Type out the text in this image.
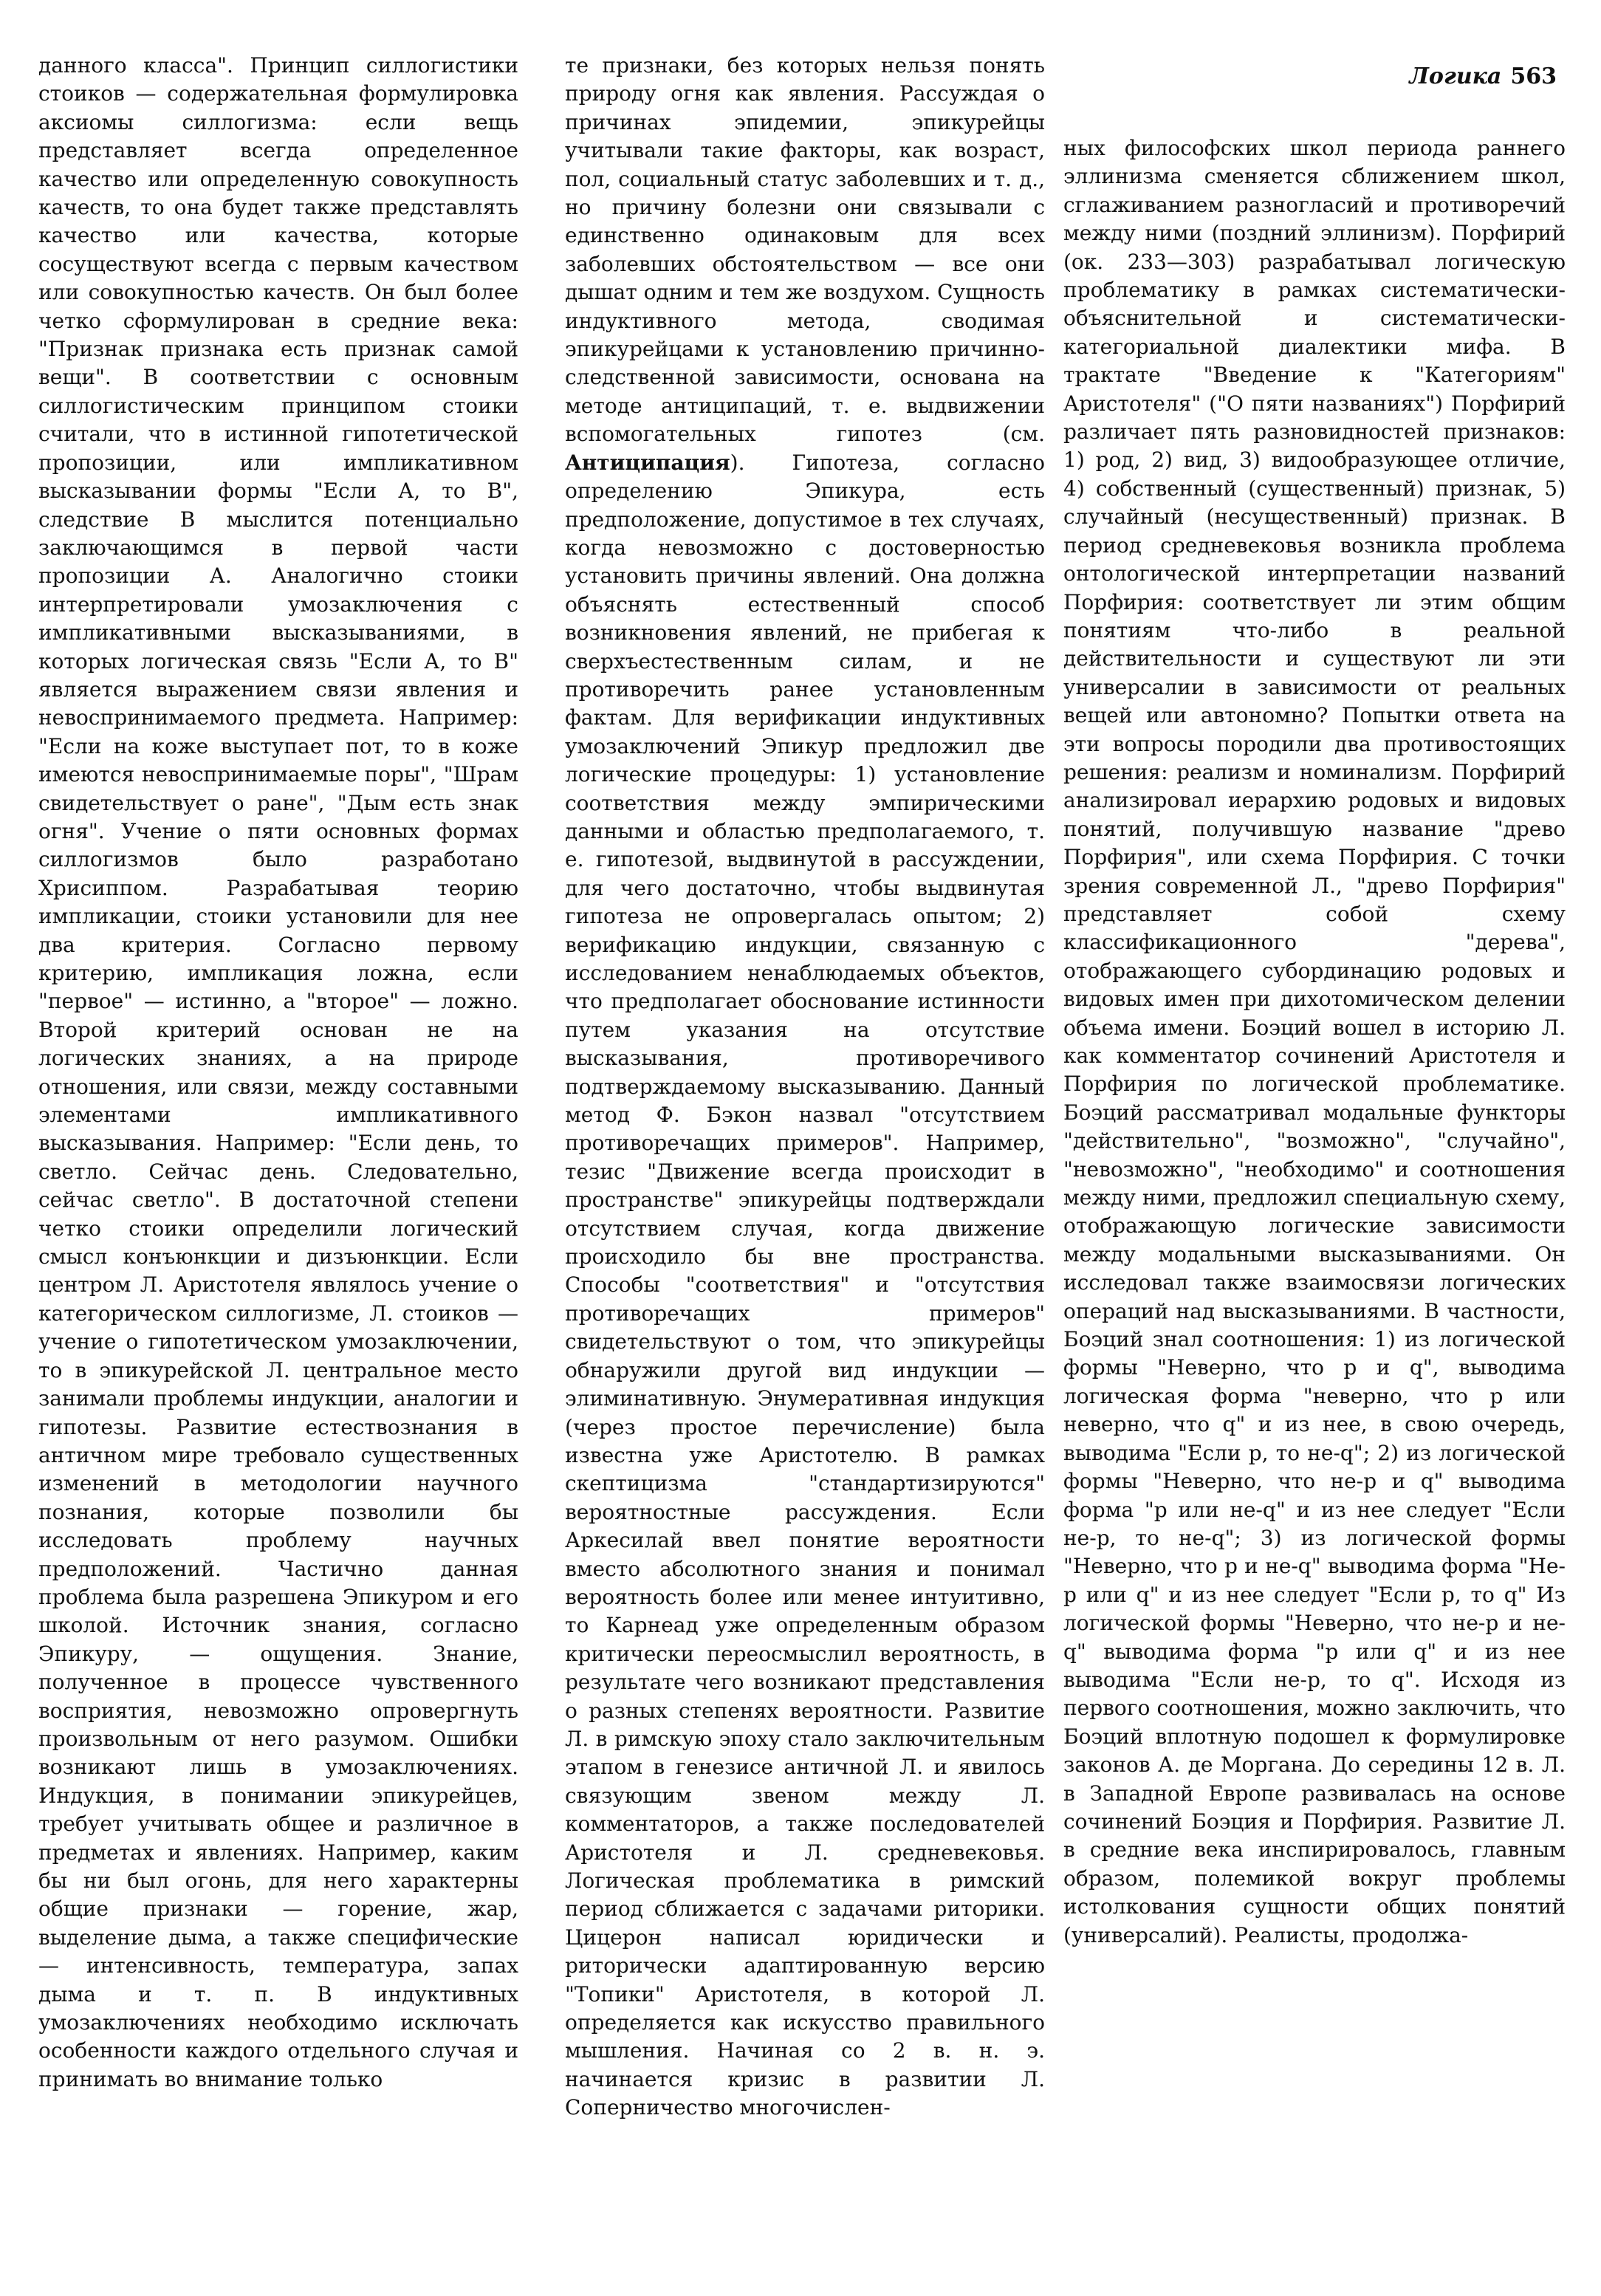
Логика 563

данного класса". Принцип силлогистики стоиков — содержательная формулировка аксиомы силлогизма: если вещь представляет всегда определенное качество или определенную совокупность качеств, то она будет также представлять качество или качества, которые сосуществуют всегда с первым качеством или совокупностью качеств. Он был более четко сформулирован в средние века: "Признак признака есть признак самой вещи". В соответствии с основным силлогистическим принципом стоики считали, что в истинной гипотетической пропозиции, или импликативном высказывании формы "Если А, то В", следствие В мыслится потенциально заключающимся в первой части пропозиции А. Аналогично стоики интерпретировали умозаключения с импликативными высказываниями, в которых логическая связь "Если А, то В" является выражением связи явления и невоспринимаемого предмета. Например: "Если на коже выступает пот, то в коже имеются невоспринимаемые поры", "Шрам свидетельствует о ране", "Дым есть знак огня". Учение о пяти основных формах силлогизмов было разработано Хрисиппом. Разрабатывая теорию импликации, стоики установили для нее два критерия. Согласно первому критерию, импликация ложна, если "первое" — истинно, а "второе" — ложно. Второй критерий основан не на логических знаниях, а на природе отношения, или связи, между составными элементами импликативного высказывания. Например: "Если день, то светло. Сейчас день. Следовательно, сейчас светло". В достаточной степени четко стоики определили логический смысл конъюнкции и дизъюнкции. Если центром Л. Аристотеля являлось учение о категорическом силлогизме, Л. стоиков — учение о гипотетическом умозаключении, то в эпикурейской Л. центральное место занимали проблемы индукции, аналогии и гипотезы. Развитие естествознания в античном мире требовало существенных изменений в методологии научного познания, которые позволили бы исследовать проблему научных предположений. Частично данная проблема была разрешена Эпикуром и его школой. Источник знания, согласно Эпикуру, — ощущения. Знание, полученное в процессе чувственного восприятия, невозможно опровергнуть произвольным от него разумом. Ошибки возникают лишь в умозаключениях. Индукция, в понимании эпикурейцев, требует учитывать общее и различное в предметах и явлениях. Например, каким бы ни был огонь, для него характерны общие признаки — горение, жар, выделение дыма, а также специфические — интенсивность, температура, запах дыма и т. п. В индуктивных умозаключениях необходимо исключать особенности каждого отдельного случая и принимать во внимание только

те признаки, без которых нельзя понять природу огня как явления. Рассуждая о причинах эпидемии, эпикурейцы учитывали такие факторы, как возраст, пол, социальный статус заболевших и т. д., но причину болезни они связывали с единственно одинаковым для всех заболевших обстоятельством — все они дышат одним и тем же воздухом. Сущность индуктивного метода, сводимая эпикурейцами к установлению причинно-следственной зависимости, основана на методе антиципаций, т. е. выдвижении вспомогательных гипотез (см. Антиципация). Гипотеза, согласно определению Эпикура, есть предположение, допустимое в тех случаях, когда невозможно с достоверностью установить причины явлений. Она должна объяснять естественный способ возникновения явлений, не прибегая к сверхъестественным силам, и не противоречить ранее установленным фактам. Для верификации индуктивных умозаключений Эпикур предложил две логические процедуры: 1) установление соответствия между эмпирическими данными и областью предполагаемого, т. е. гипотезой, выдвинутой в рассуждении, для чего достаточно, чтобы выдвинутая гипотеза не опровергалась опытом; 2) верификацию индукции, связанную с исследованием ненаблюдаемых объектов, что предполагает обоснование истинности путем указания на отсутствие высказывания, противоречивого подтверждаемому высказыванию. Данный метод Ф. Бэкон назвал "отсутствием противоречащих примеров". Например, тезис "Движение всегда происходит в пространстве" эпикурейцы подтверждали отсутствием случая, когда движение происходило бы вне пространства. Способы "соответствия" и "отсутствия противоречащих примеров" свидетельствуют о том, что эпикурейцы обнаружили другой вид индукции — элиминативную. Энумеративная индукция (через простое перечисление) была известна уже Аристотелю. В рамках скептицизма "стандартизируются" вероятностные рассуждения. Если Аркесилай ввел понятие вероятности вместо абсолютного знания и понимал вероятность более или менее интуитивно, то Карнеад уже определенным образом критически переосмыслил вероятность, в результате чего возникают представления о разных степенях вероятности. Развитие Л. в римскую эпоху стало заключительным этапом в генезисе античной Л. и явилось связующим звеном между Л. комментаторов, а также последователей Аристотеля и Л. средневековья. Логическая проблематика в римский период сближается с задачами риторики. Цицерон написал юридически и риторически адаптированную версию "Топики" Аристотеля, в которой Л. определяется как искусство правильного мышления. Начиная со 2 в. н. э. начинается кризис в развитии Л. Соперничество многочислен-

ных философских школ периода раннего эллинизма сменяется сближением школ, сглаживанием разногласий и противоречий между ними (поздний эллинизм). Порфирий (ок. 233—303) разрабатывал логическую проблематику в рамках систематически-объяснительной и систематически-категориальной диалектики мифа. В трактате "Введение к "Категориям" Аристотеля" ("О пяти названиях") Порфирий различает пять разновидностей признаков: 1) род, 2) вид, 3) видообразующее отличие, 4) собственный (существенный) признак, 5) случайный (несущественный) признак. В период средневековья возникла проблема онтологической интерпретации названий Порфирия: соответствует ли этим общим понятиям что-либо в реальной действительности и существуют ли эти универсалии в зависимости от реальных вещей или автономно? Попытки ответа на эти вопросы породили два противостоящих решения: реализм и номинализм. Порфирий анализировал иерархию родовых и видовых понятий, получившую название "древо Порфирия", или схема Порфирия. С точки зрения современной Л., "древо Порфирия" представляет собой схему классификационного "дерева", отображающего субординацию родовых и видовых имен при дихотомическом делении объема имени. Боэций вошел в историю Л. как комментатор сочинений Аристотеля и Порфирия по логической проблематике. Боэций рассматривал модальные функторы "действительно", "возможно", "случайно", "невозможно", "необходимо" и соотношения между ними, предложил специальную схему, отображающую логические зависимости между модальными высказываниями. Он исследовал также взаимосвязи логических операций над высказываниями. В частности, Боэций знал соотношения: 1) из логической формы "Неверно, что p и q", выводима логическая форма "неверно, что p или неверно, что q" и из нее, в свою очередь, выводима "Если p, то не-q"; 2) из логической формы "Неверно, что не-p и q" выводима форма "p или не-q" и из нее следует "Если не-p, то не-q"; 3) из логической формы "Неверно, что p и не-q" выводима форма "Не-p или q" и из нее следует "Если p, то q" Из логической формы "Неверно, что не-p и не-q" выводима форма "p или q" и из нее выводима "Если не-p, то q". Исходя из первого соотношения, можно заключить, что Боэций вплотную подошел к формулировке законов А. де Моргана. До середины 12 в. Л. в Западной Европе развивалась на основе сочинений Боэция и Порфирия. Развитие Л. в средние века инспирировалось, главным образом, полемикой вокруг проблемы истолкования сущности общих понятий (универсалий). Реалисты, продолжа-
